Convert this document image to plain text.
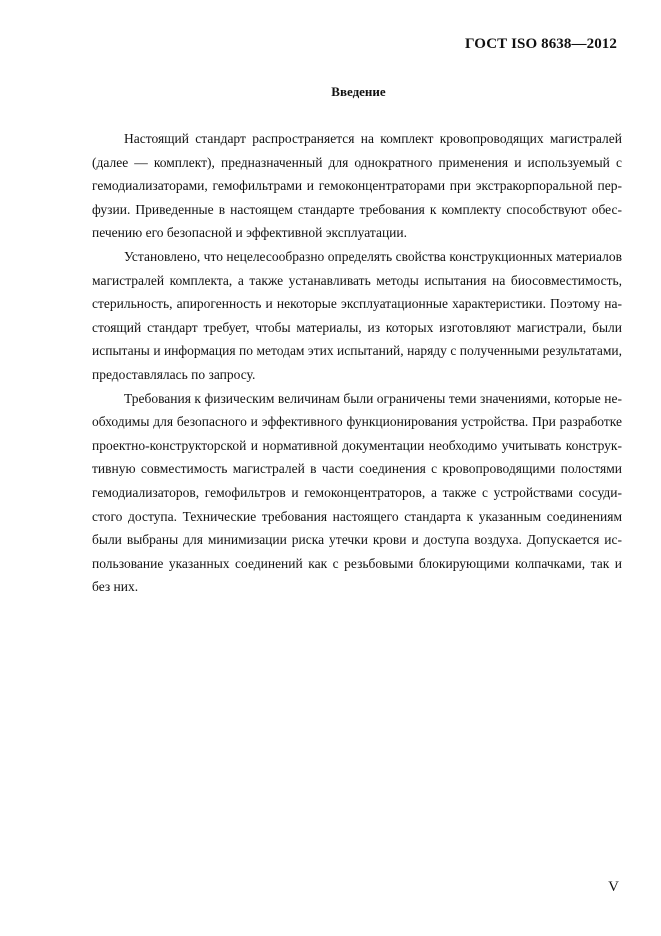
ГОСТ ISO 8638—2012
Введение

Настоящий стандарт распространяется на комплект кровопроводящих магистралей (далее — комплект), предназначенный для однократного применения и используемый с гемодиализаторами, гемофильтрами и гемоконцентраторами при экстракорпоральной перфузии. Приведенные в настоящем стандарте требования к комплекту способствуют обеспечению его безопасной и эффективной эксплуатации.

Установлено, что нецелесообразно определять свойства конструкционных материалов магистралей комплекта, а также устанавливать методы испытания на биосовместимость, стерильность, апирогенность и некоторые эксплуатационные характеристики. Поэтому настоящий стандарт требует, чтобы материалы, из которых изготовляют магистрали, были испытаны и информация по методам этих испытаний, наряду с полученными результатами, предоставлялась по запросу.

Требования к физическим величинам были ограничены теми значениями, которые необходимы для безопасного и эффективного функционирования устройства. При разработке проектно-конструкторской и нормативной документации необходимо учитывать конструктивную совместимость магистралей в части соединения с кровопроводящими полостями гемодиализаторов, гемофильтров и гемоконцентраторов, а также с устройствами сосудистого доступа. Технические требования настоящего стандарта к указанным соединениям были выбраны для минимизации риска утечки крови и доступа воздуха. Допускается использование указанных соединений как с резьбовыми блокирующими колпачками, так и без них.

V
